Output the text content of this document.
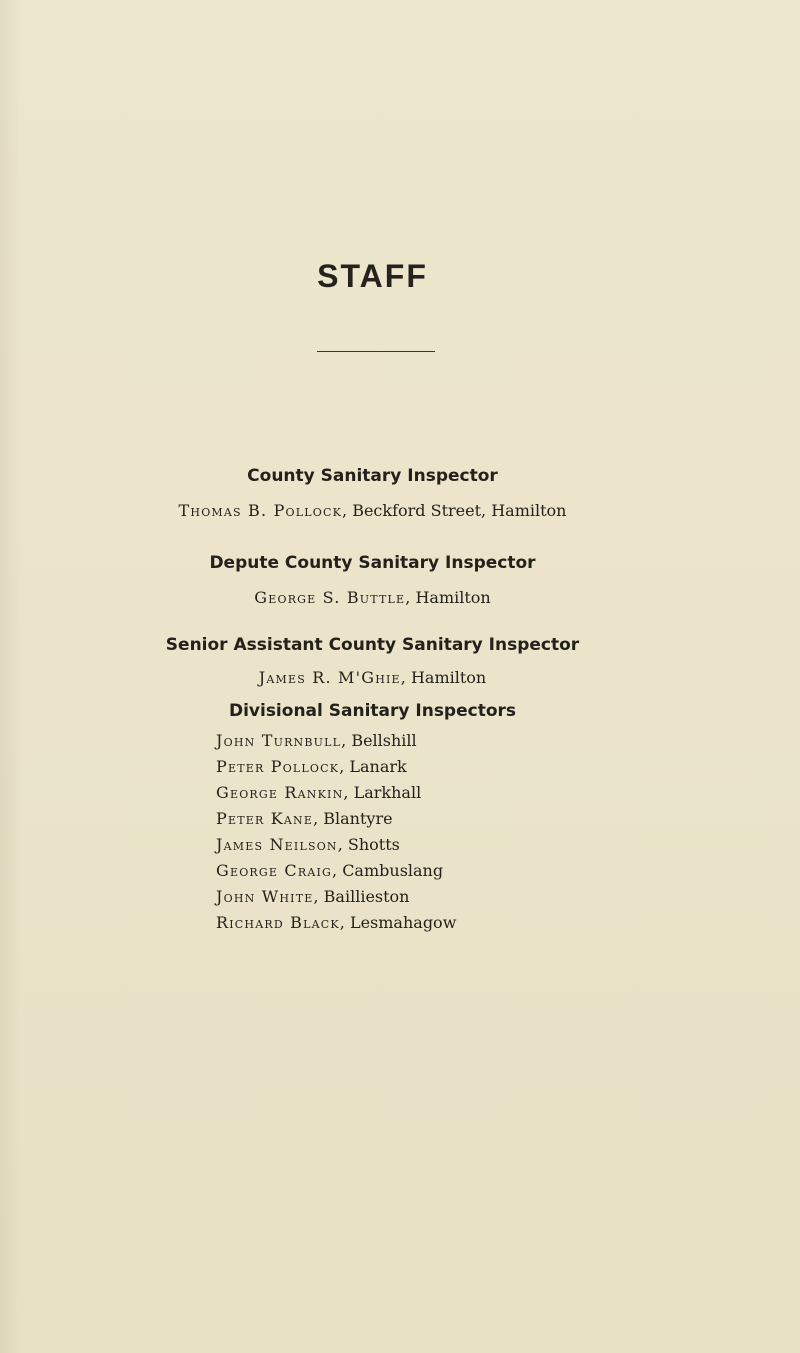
STAFF
County Sanitary Inspector
Thomas B. Pollock, Beckford Street, Hamilton
Depute County Sanitary Inspector
George S. Buttle, Hamilton
Senior Assistant County Sanitary Inspector
James R. M'Ghie, Hamilton
Divisional Sanitary Inspectors
John Turnbull, Bellshill
Peter Pollock, Lanark
George Rankin, Larkhall
Peter Kane, Blantyre
James Neilson, Shotts
George Craig, Cambuslang
John White, Baillieston
Richard Black, Lesmahagow
